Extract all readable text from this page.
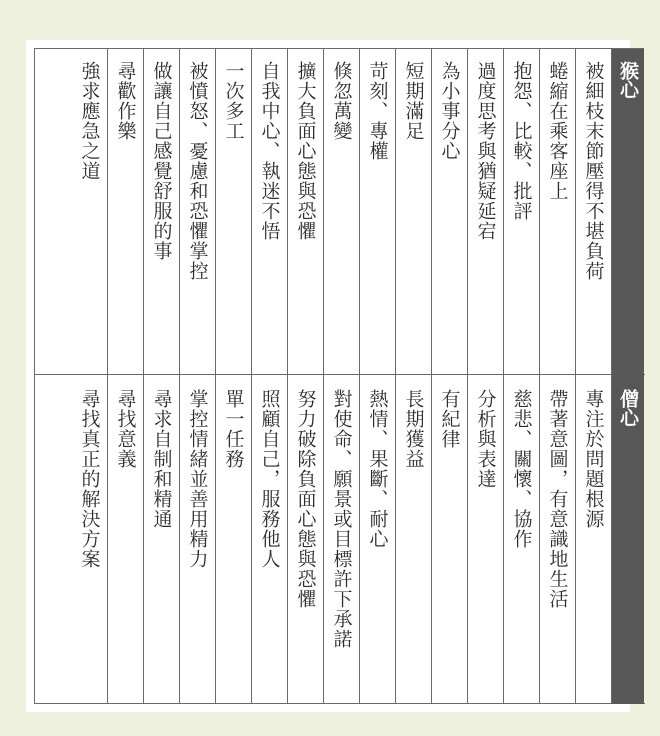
猴心
僧心
被細枝末節壓得不堪負荷
專注於問題根源
蜷縮在乘客座上
帶著意圖，有意識地生活
抱怨、比較、批評
慈悲、關懷、協作
過度思考與猶疑延宕
分析與表達
為小事分心
有紀律
短期滿足
長期獲益
苛刻、專權
熱情、果斷、耐心
倏忽萬變
對使命、願景或目標許下承諾
擴大負面心態與恐懼
努力破除負面心態與恐懼
自我中心、執迷不悟
照顧自己，服務他人
一次多工
單一任務
被憤怒、憂慮和恐懼掌控
掌控情緒並善用精力
做讓自己感覺舒服的事
尋求自制和精通
尋歡作樂
尋找意義
強求應急之道
尋找真正的解決方案
